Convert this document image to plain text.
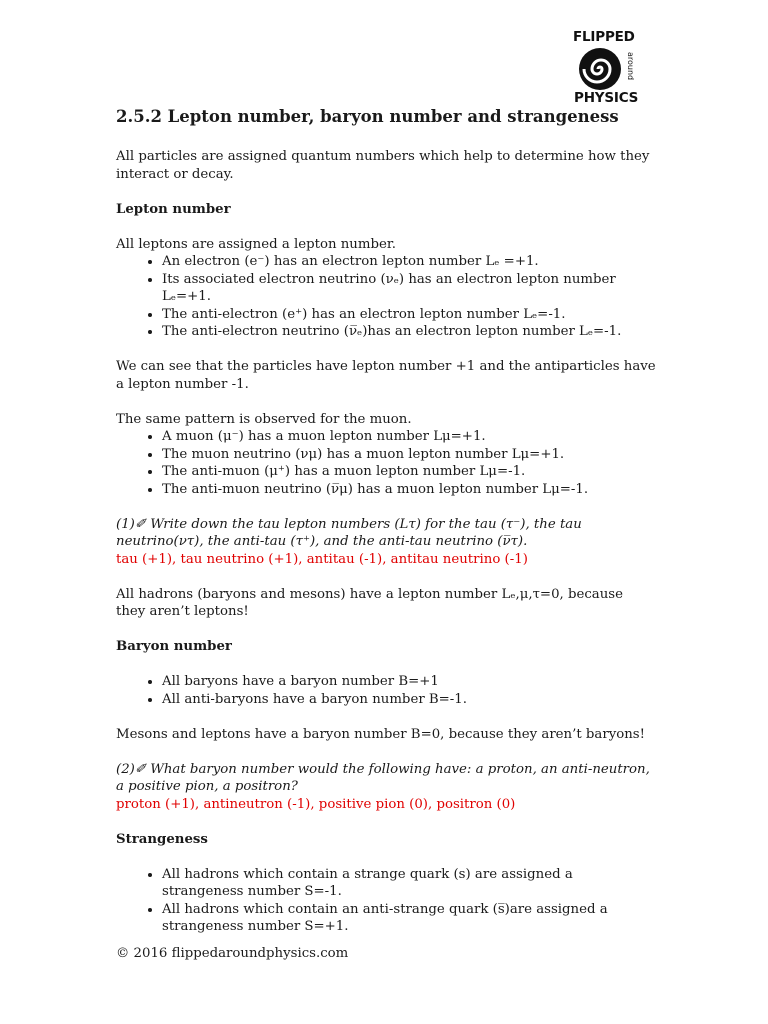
FLIPPED
around
PHYSICS
2.5.2 Lepton number, baryon number and strangeness

All particles are assigned quantum numbers which help to determine how they interact or decay.

Lepton number

All leptons are assigned a lepton number.

• An electron (e⁻) has an electron lepton number Lₑ =+1.
• Its associated electron neutrino (νₑ) has an electron lepton number Lₑ=+1.
• The anti-electron (e⁺) has an electron lepton number Lₑ=-1.
• The anti-electron neutrino (ν̅ₑ)has an electron lepton number Lₑ=-1.

We can see that the particles have lepton number +1 and the antiparticles have a lepton number -1.

The same pattern is observed for the muon.

• A muon (μ⁻) has a muon lepton number Lμ=+1.
• The muon neutrino (νμ) has a muon lepton number Lμ=+1.
• The anti-muon (μ⁺) has a muon lepton number Lμ=-1.
• The anti-muon neutrino (ν̅μ) has a muon lepton number Lμ=-1.

(1)✐ Write down the tau lepton numbers (Lτ) for the tau (τ⁻), the tau neutrino(ντ), the anti-tau (τ⁺), and the anti-tau neutrino (ν̅τ).

tau (+1), tau neutrino (+1), antitau (-1), antitau neutrino (-1)

All hadrons (baryons and mesons) have a lepton number Lₑ,μ,τ=0, because they aren’t leptons!

Baryon number

• All baryons have a baryon number B=+1
• All anti-baryons have a baryon number B=-1.

Mesons and leptons have a baryon number B=0, because they aren’t baryons!

(2)✐ What baryon number would the following have: a proton, an anti-neutron, a positive pion, a positron?

proton (+1), antineutron (-1), positive pion (0), positron (0)

Strangeness

• All hadrons which contain a strange quark (s) are assigned a strangeness number S=-1.
• All hadrons which contain an anti-strange quark (s̅)are assigned a strangeness number S=+1.
© 2016 flippedaroundphysics.com
